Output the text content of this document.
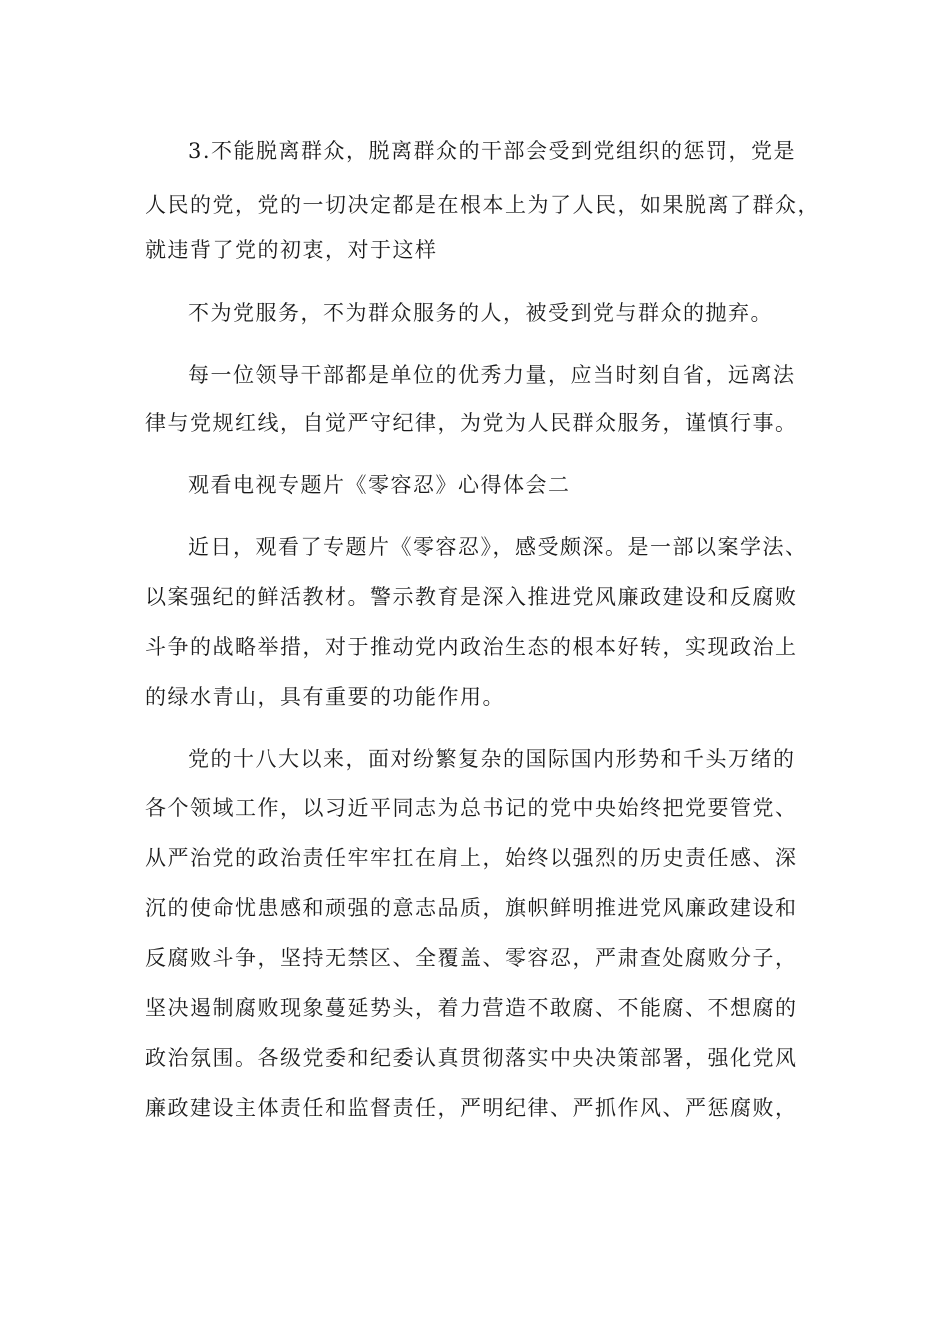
3.不能脱离群众，脱离群众的干部会受到党组织的惩罚，党是
人民的党，党的一切决定都是在根本上为了人民，如果脱离了群众，
就违背了党的初衷，对于这样
不为党服务，不为群众服务的人，被受到党与群众的抛弃。
每一位领导干部都是单位的优秀力量，应当时刻自省，远离法
律与党规红线，自觉严守纪律，为党为人民群众服务，谨慎行事。
观看电视专题片《零容忍》心得体会二
近日，观看了专题片《零容忍》，感受颇深。是一部以案学法、
以案强纪的鲜活教材。警示教育是深入推进党风廉政建设和反腐败
斗争的战略举措，对于推动党内政治生态的根本好转，实现政治上
的绿水青山，具有重要的功能作用。
党的十八大以来，面对纷繁复杂的国际国内形势和千头万绪的
各个领域工作，以习近平同志为总书记的党中央始终把党要管党、
从严治党的政治责任牢牢扛在肩上，始终以强烈的历史责任感、深
沉的使命忧患感和顽强的意志品质，旗帜鲜明推进党风廉政建设和
反腐败斗争，坚持无禁区、全覆盖、零容忍，严肃查处腐败分子，
坚决遏制腐败现象蔓延势头，着力营造不敢腐、不能腐、不想腐的
政治氛围。各级党委和纪委认真贯彻落实中央决策部署，强化党风
廉政建设主体责任和监督责任，严明纪律、严抓作风、严惩腐败，
